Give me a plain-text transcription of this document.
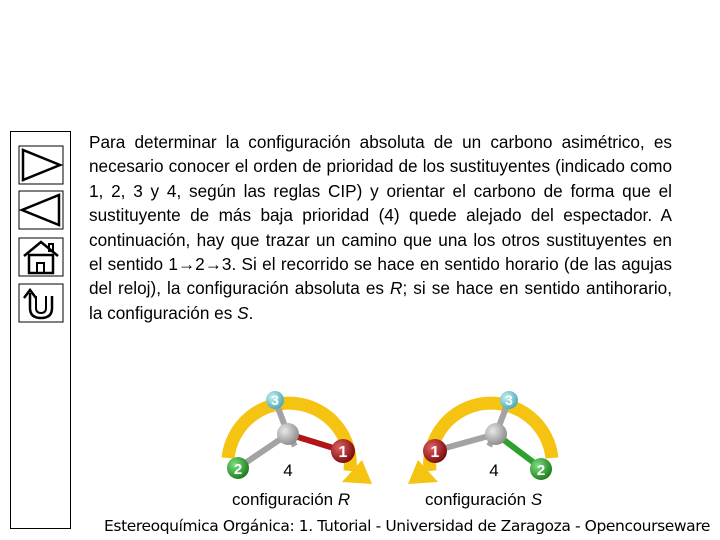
Para determinar la configuración absoluta de un carbono asimétrico, es necesario conocer el orden de prioridad de los sustituyentes (indicado como 1, 2, 3 y 4, según las reglas CIP) y orientar el carbono de forma que el sustituyente de más baja prioridad (4) quede alejado del espectador. A continuación, hay que trazar un camino que una los otros sustituyentes en el sentido 1→2→3. Si el recorrido se hace en sentido horario (de las agujas del reloj), la configuración absoluta es R; si se hace en sentido antihorario, la configuración es S.

3
2 4
1
3
1
4	2
configuración R	configuración S
Estereoquímica Orgánica: 1. Tutorial - Universidad de Zaragoza - Opencourseware
